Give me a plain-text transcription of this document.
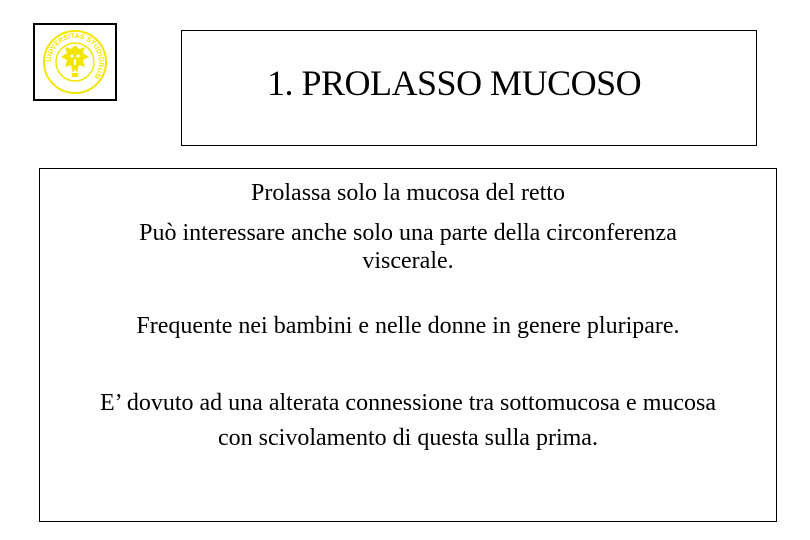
UNIVERSITAS STUDIORUM	1. PROLASSO MUCOSO
Prolassa solo la mucosa del retto
Può interessare anche solo una parte della circonferenza
viscerale.
Frequente nei bambini e nelle donne in genere pluripare.
E’ dovuto ad una alterata connessione tra sottomucosa e mucosa
con scivolamento di questa sulla prima.
